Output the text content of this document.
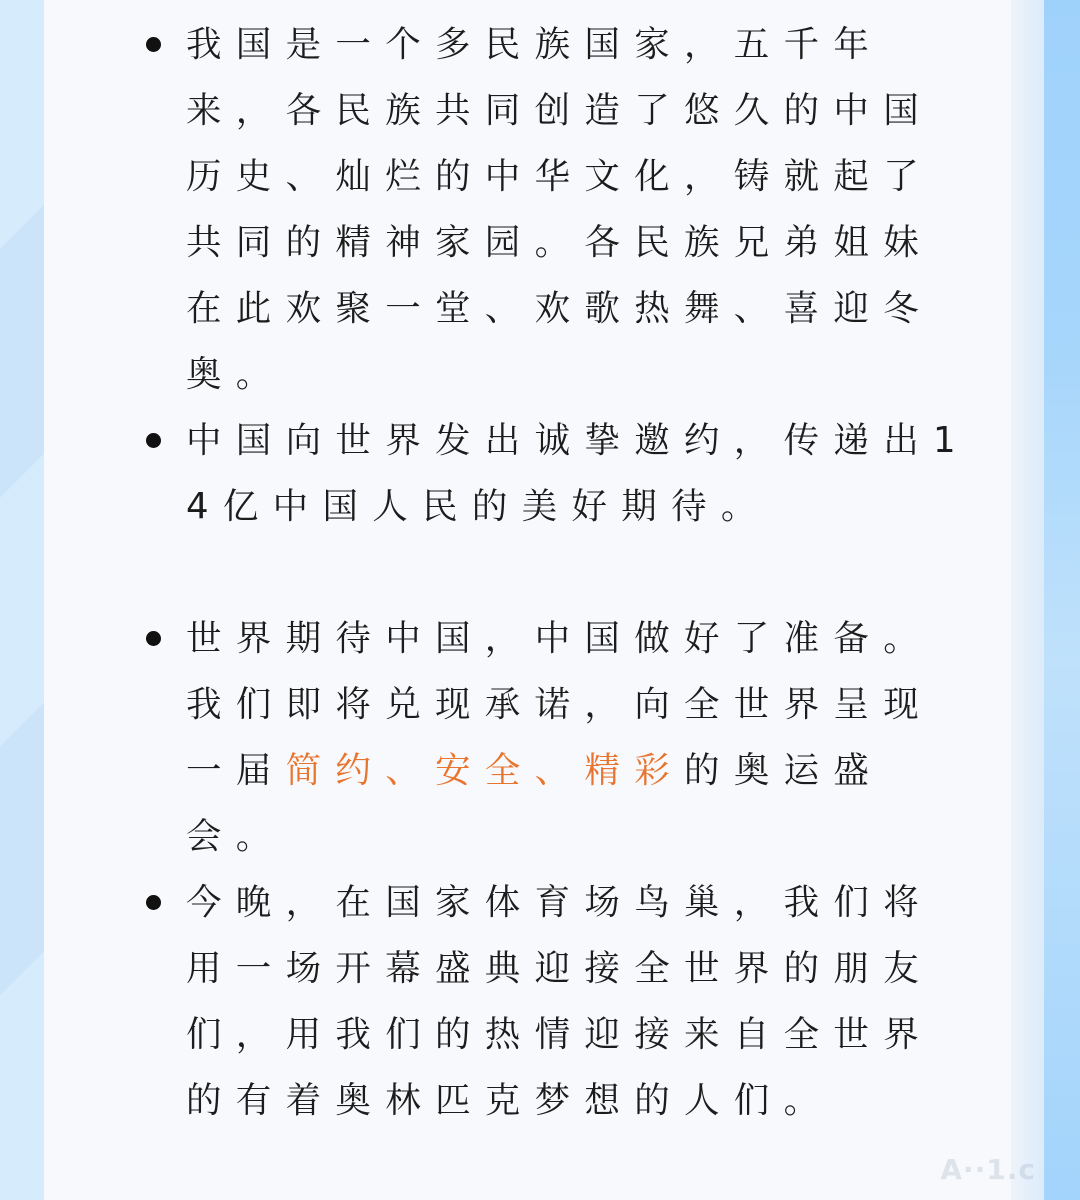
我国是一个多民族国家，五千年来，各民族共同创造了悠久的中国历史、灿烂的中华文化，铸就起了共同的精神家园。各民族兄弟姐妹在此欢聚一堂、欢歌热舞、喜迎冬奥。

中国向世界发出诚挚邀约，传递出14亿中国人民的美好期待。

世界期待中国，中国做好了准备。我们即将兑现承诺，向全世界呈现一届简约、安全、精彩的奥运盛会。

今晚，在国家体育场鸟巢，我们将用一场开幕盛典迎接全世界的朋友们，用我们的热情迎接来自全世界的有着奥林匹克梦想的人们。

A··1.c
